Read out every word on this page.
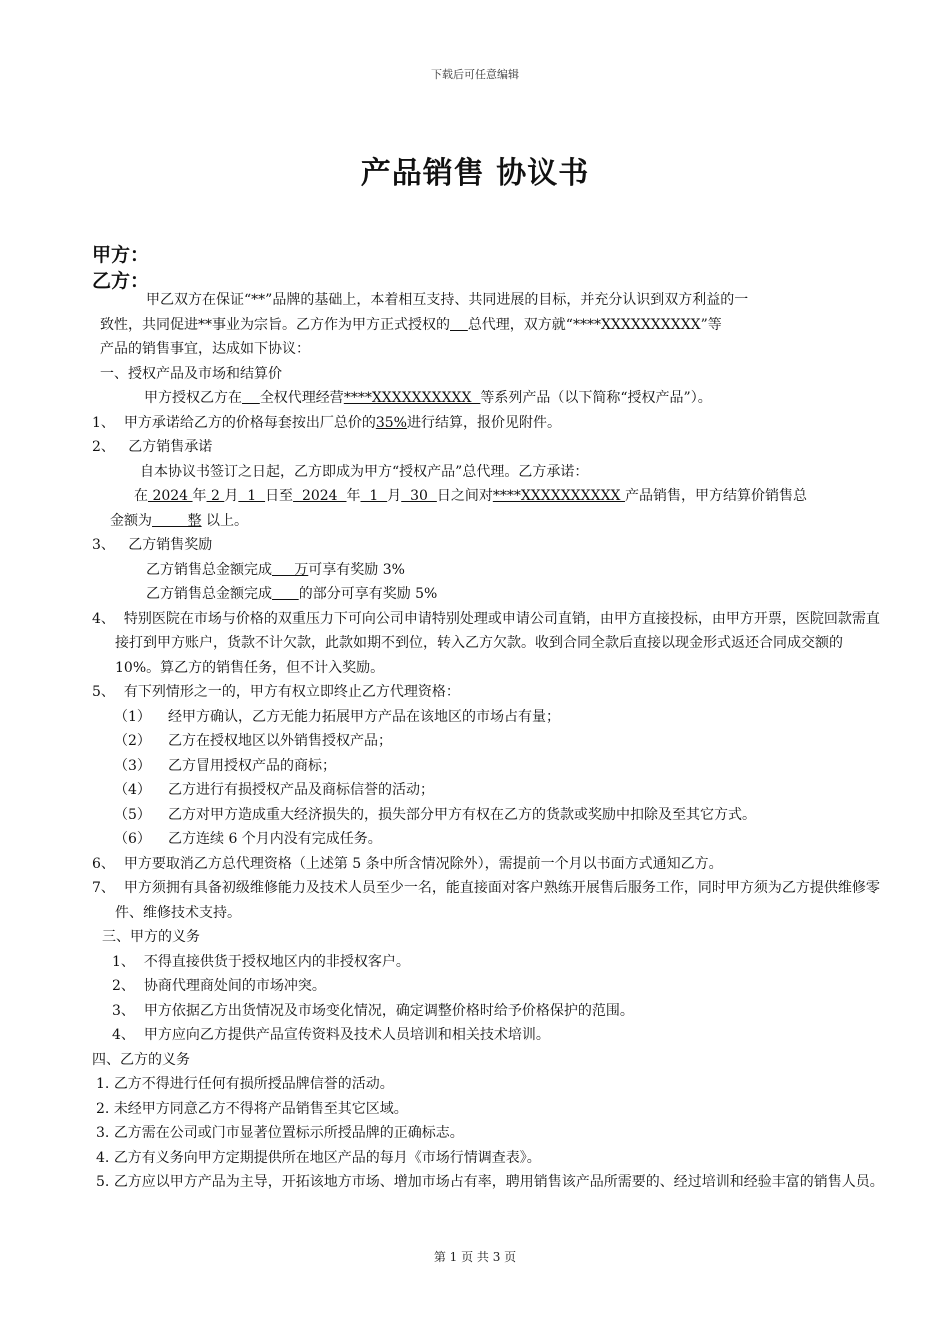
下载后可任意编辑
产品销售 协议书
甲方：
乙方：
甲乙双方在保证“**”品牌的基础上，本着相互支持、共同进展的目标，并充分认识到双方利益的一
致性，共同促进**事业为宗旨。乙方作为甲方正式授权的 总代理，双方就“****XXXXXXXXXX”等
产品的销售事宜，达成如下协议：
一、授权产品及市场和结算价
甲方授权乙方在 全权代理经营****XXXXXXXXXX  等系列产品（以下简称“授权产品”）。
1、 甲方承诺给乙方的价格每套按出厂总价的35%进行结算，报价见附件。
2、 乙方销售承诺
自本协议书签订之日起，乙方即成为甲方“授权产品”总代理。乙方承诺：
在 2024 年 2 月  1  日至  2024  年  1  月  30  日之间对****XXXXXXXXXX 产品销售，甲方结算价销售总
金额为        整 以上。
3、 乙方销售奖励
乙方销售总金额完成     万可享有奖励 3%
乙方销售总金额完成 的部分可享有奖励 5%
4、 特别医院在市场与价格的双重压力下可向公司申请特别处理或申请公司直销，由甲方直接投标，由甲方开票，医院回款需直接打到甲方账户，货款不计欠款，此款如期不到位，转入乙方欠款。收到合同全款后直接以现金形式返还合同成交额的 10%。算乙方的销售任务，但不计入奖励。
5、 有下列情形之一的，甲方有权立即终止乙方代理资格：
（1） 经甲方确认，乙方无能力拓展甲方产品在该地区的市场占有量；
（2） 乙方在授权地区以外销售授权产品；
（3） 乙方冒用授权产品的商标；
（4） 乙方进行有损授权产品及商标信誉的活动；
（5） 乙方对甲方造成重大经济损失的，损失部分甲方有权在乙方的货款或奖励中扣除及至其它方式。
（6） 乙方连续 6 个月内没有完成任务。
6、 甲方要取消乙方总代理资格（上述第 5 条中所含情况除外），需提前一个月以书面方式通知乙方。
7、 甲方须拥有具备初级维修能力及技术人员至少一名，能直接面对客户熟练开展售后服务工作，同时甲方须为乙方提供维修零件、维修技术支持。
三、甲方的义务
1、 不得直接供货于授权地区内的非授权客户。
2、 协商代理商处间的市场冲突。
3、 甲方依据乙方出货情况及市场变化情况，确定调整价格时给予价格保护的范围。
4、 甲方应向乙方提供产品宣传资料及技术人员培训和相关技术培训。
四、乙方的义务
1. 乙方不得进行任何有损所授品牌信誉的活动。
2. 未经甲方同意乙方不得将产品销售至其它区域。
3. 乙方需在公司或门市显著位置标示所授品牌的正确标志。
4. 乙方有义务向甲方定期提供所在地区产品的每月《市场行情调查表》。
5. 乙方应以甲方产品为主导，开拓该地方市场、增加市场占有率，聘用销售该产品所需要的、经过培训和经验丰富的销售人员。
第 1 页 共 3 页
